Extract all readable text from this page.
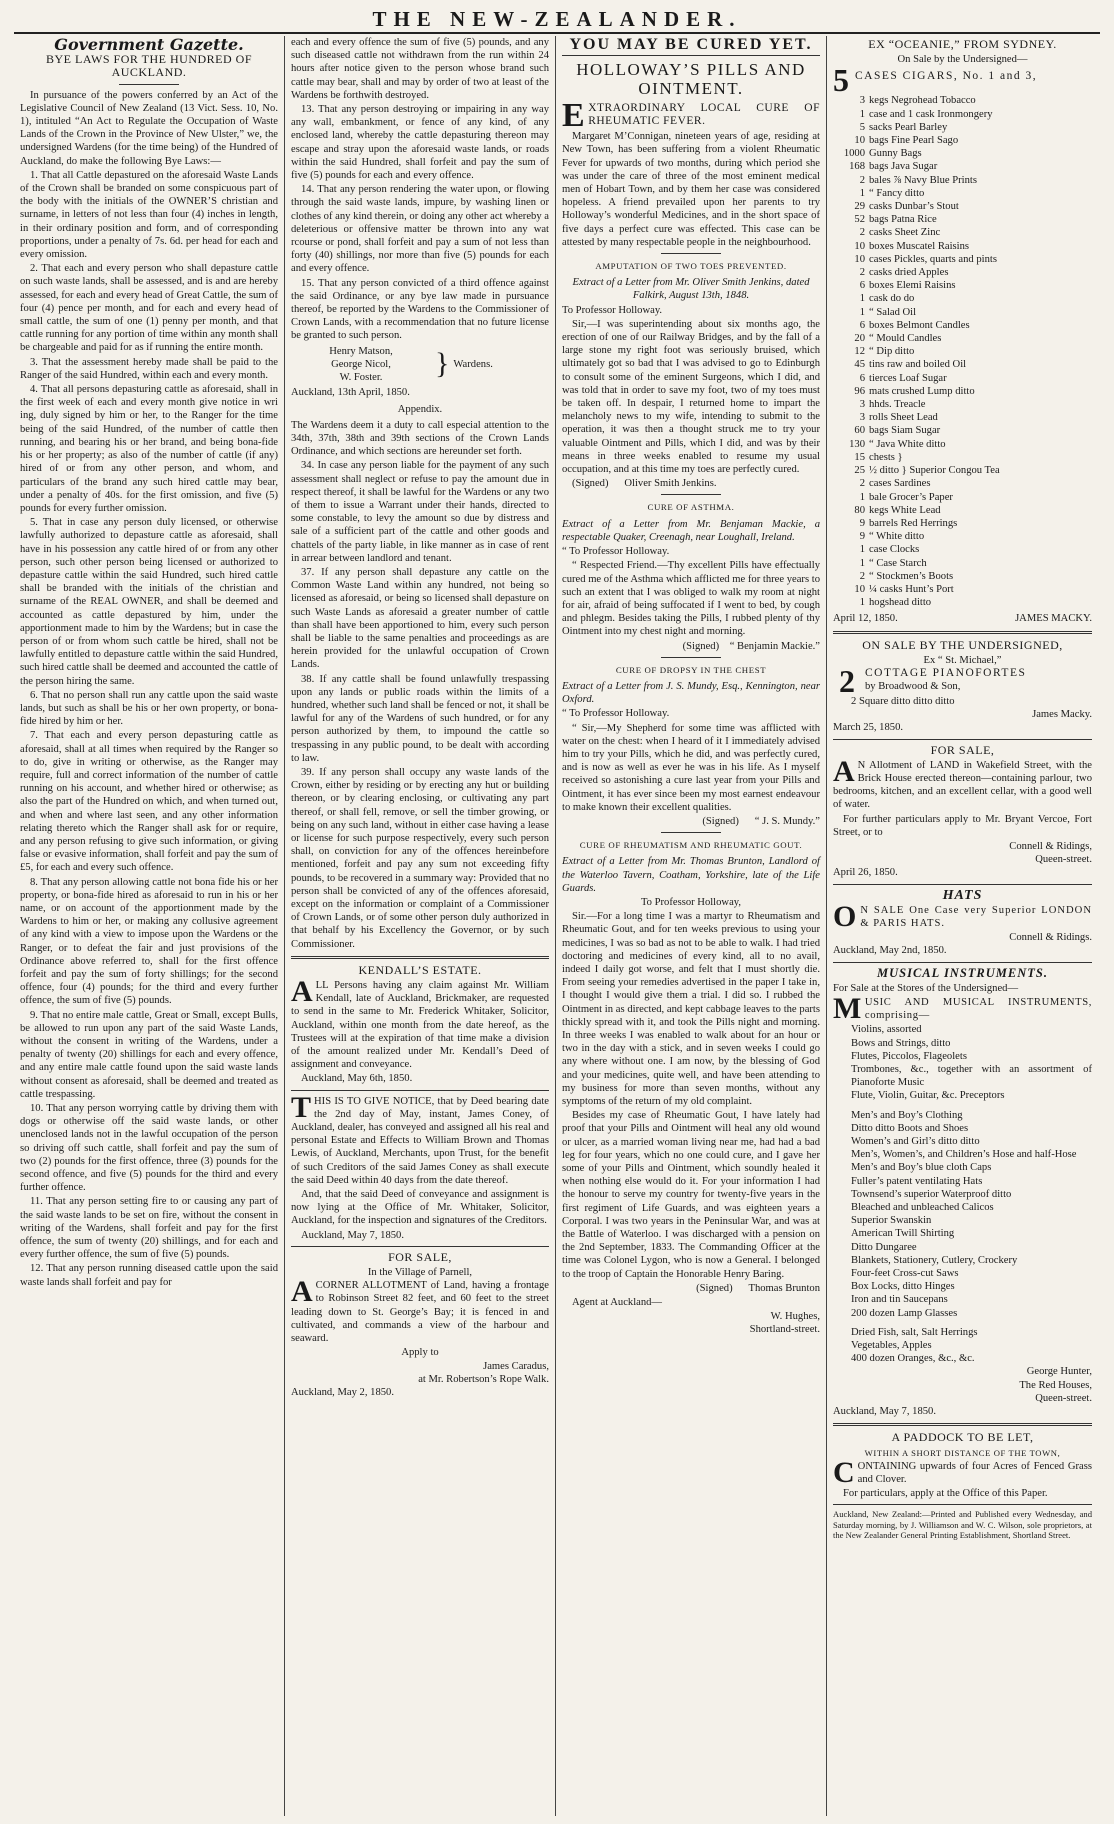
THE NEW-ZEALANDER.
Government Gazette.
BYE LAWS FOR THE HUNDRED OF AUCKLAND.

In pursuance of the powers conferred by an Act of the Legislative Council of New Zealand (13 Vict. Sess. 10, No. 1), intituled “An Act to Regulate the Occupation of Waste Lands of the Crown in the Province of New Ulster,” we, the undersigned Wardens (for the time being) of the Hundred of Auckland, do make the following Bye Laws:—

1. That all Cattle depastured on the aforesaid Waste Lands of the Crown shall be branded on some conspicuous part of the body with the initials of the OWNER’S christian and surname, in letters of not less than four (4) inches in length, in their ordinary position and form, and of corresponding proportions, under a penalty of 7s. 6d. per head for each and every omission.

2. That each and every person who shall depasture cattle on such waste lands, shall be assessed, and is and are hereby assessed, for each and every head of Great Cattle, the sum of four (4) pence per month, and for each and every head of small cattle, the sum of one (1) penny per month, and that cattle running for any portion of time within any month shall be chargeable and paid for as if running the entire month.

3. That the assessment hereby made shall be paid to the Ranger of the said Hundred, within each and every month.

4. That all persons depasturing cattle as aforesaid, shall in the first week of each and every month give notice in wri ing, duly signed by him or her, to the Ranger for the time being of the said Hundred, of the number of cattle then running, and bearing his or her brand, and being bona-fide his or her property; as also of the number of cattle (if any) hired of or from any other person, and whom, and particulars of the brand any such hired cattle may bear, under a penalty of 40s. for the first omission, and five (5) pounds for every further omission.

5. That in case any person duly licensed, or otherwise lawfully authorized to depasture cattle as aforesaid, shall have in his possession any cattle hired of or from any other person, such other person being licensed or authorized to depasture cattle within the said Hundred, such hired cattle shall be branded with the initials of the christian and surname of the REAL OWNER, and shall be deemed and accounted as cattle depastured by him, under the apportionment made to him by the Wardens; but in case the person of or from whom such cattle be hired, shall not be lawfully entitled to depasture cattle within the said Hundred, such hired cattle shall be deemed and accounted the cattle of the person hiring the same.

6. That no person shall run any cattle upon the said waste lands, but such as shall be his or her own property, or bona-fide hired by him or her.

7. That each and every person depasturing cattle as aforesaid, shall at all times when required by the Ranger so to do, give in writing or otherwise, as the Ranger may require, full and correct information of the number of cattle running on his account, and whether hired or otherwise; as also the part of the Hundred on which, and when turned out, and when and where last seen, and any other information relating thereto which the Ranger shall ask for or require, and any person refusing to give such information, or giving false or evasive information, shall forfeit and pay the sum of £5, for each and every such offence.

8. That any person allowing cattle not bona fide his or her property, or bona-fide hired as aforesaid to run in his or her name, or on account of the apportionment made by the Wardens to him or her, or making any collusive agreement of any kind with a view to impose upon the Wardens or the Ranger, or to defeat the fair and just provisions of the Ordinance above referred to, shall for the first offence forfeit and pay the sum of forty shillings; for the second offence, four (4) pounds; for the third and every further offence, the sum of five (5) pounds.

9. That no entire male cattle, Great or Small, except Bulls, be allowed to run upon any part of the said Waste Lands, without the consent in writing of the Wardens, under a penalty of twenty (20) shillings for each and every offence, and any entire male cattle found upon the said waste lands without consent as aforesaid, shall be deemed and treated as cattle trespassing.

10. That any person worrying cattle by driving them with dogs or otherwise off the said waste lands, or other unenclosed lands not in the lawful occupation of the person so driving off such cattle, shall forfeit and pay the sum of two (2) pounds for the first offence, three (3) pounds for the second offence, and five (5) pounds for the third and every further offence.

11. That any person setting fire to or causing any part of the said waste lands to be set on fire, without the consent in writing of the Wardens, shall forfeit and pay for the first offence, the sum of twenty (20) shillings, and for each and every further offence, the sum of five (5) pounds.

12. That any person running diseased cattle upon the said waste lands shall forfeit and pay for

each and every offence the sum of five (5) pounds, and any such diseased cattle not withdrawn from the run within 24 hours after notice given to the person whose brand such cattle may bear, shall and may by order of two at least of the Wardens be forthwith destroyed.

13. That any person destroying or impairing in any way any wall, embankment, or fence of any kind, of any enclosed land, whereby the cattle depasturing thereon may escape and stray upon the aforesaid waste lands, or roads within the said Hundred, shall forfeit and pay the sum of five (5) pounds for each and every offence.

14. That any person rendering the water upon, or flowing through the said waste lands, impure, by washing linen or clothes of any kind therein, or doing any other act whereby a deleterious or offensive matter be thrown into any wat rcourse or pond, shall forfeit and pay a sum of not less than forty (40) shillings, nor more than five (5) pounds for each and every offence.

15. That any person convicted of a third offence against the said Ordinance, or any bye law made in pursuance thereof, be reported by the Wardens to the Commissioner of Crown Lands, with a recommendation that no future license be granted to such person.

Henry Matson,
George Nicol,
W. Foster.	} Wardens.

Auckland, 13th April, 1850.

Appendix.

The Wardens deem it a duty to call especial attention to the 34th, 37th, 38th and 39th sections of the Crown Lands Ordinance, and which sections are hereunder set forth.

34. In case any person liable for the payment of any such assessment shall neglect or refuse to pay the amount due in respect thereof, it shall be lawful for the Wardens or any two of them to issue a Warrant under their hands, directed to some constable, to levy the amount so due by distress and sale of a sufficient part of the cattle and other goods and chattels of the party liable, in like manner as in case of rent in arrear between landlord and tenant.

37. If any person shall depasture any cattle on the Common Waste Land within any hundred, not being so licensed as aforesaid, or being so licensed shall depasture on such Waste Lands as aforesaid a greater number of cattle than shall have been apportioned to him, every such person shall be liable to the same penalties and proceedings as are herein provided for the unlawful occupation of Crown Lands.

38. If any cattle shall be found unlawfully trespassing upon any lands or public roads within the limits of a hundred, whether such land shall be fenced or not, it shall be lawful for any of the Wardens of such hundred, or for any person authorized by them, to impound the cattle so trespassing in any public pound, to be dealt with according to law.

39. If any person shall occupy any waste lands of the Crown, either by residing or by erecting any hut or building thereon, or by clearing enclosing, or cultivating any part thereof, or shall fell, remove, or sell the timber growing, or being on any such land, without in either case having a lease or license for such purpose respectively, every such person shall, on conviction for any of the offences hereinbefore mentioned, forfeit and pay any sum not exceeding fifty pounds, to be recovered in a summary way: Provided that no person shall be convicted of any of the offences aforesaid, except on the information or complaint of a Commissioner of Crown Lands, or of some other person duly authorized in that behalf by his Excellency the Governor, or by such Commissioner.

KENDALL’S ESTATE.

ALL Persons having any claim against Mr. William Kendall, late of Auckland, Brickmaker, are requested to send in the same to Mr. Frederick Whitaker, Solicitor, Auckland, within one month from the date hereof, as the Trustees will at the expiration of that time make a division of the amount realized under Mr. Kendall’s Deed of assignment and conveyance.

Auckland, May 6th, 1850.

THIS IS TO GIVE NOTICE, that by Deed bearing date the 2nd day of May, instant, James Coney, of Auckland, dealer, has conveyed and assigned all his real and personal Estate and Effects to William Brown and Thomas Lewis, of Auckland, Merchants, upon Trust, for the benefit of such Creditors of the said James Coney as shall execute the said Deed within 40 days from the date thereof.

And, that the said Deed of conveyance and assignment is now lying at the Office of Mr. Whitaker, Solicitor, Auckland, for the inspection and signatures of the Creditors.

Auckland, May 7, 1850.

FOR SALE,
In the Village of Parnell,

ACORNER ALLOTMENT of Land, having a frontage to Robinson Street 82 feet, and 60 feet to the street leading down to St. George’s Bay; it is fenced in and cultivated, and commands a view of the harbour and seaward.

Apply to
James Caradus,
at Mr. Robertson’s Rope Walk.

Auckland, May 2, 1850.

YOU MAY BE CURED YET.
HOLLOWAY’S PILLS AND OINTMENT.

EXTRAORDINARY LOCAL CURE OF RHEUMATIC FEVER.

Margaret M’Connigan, nineteen years of age, residing at New Town, has been suffering from a violent Rheumatic Fever for upwards of two months, during which period she was under the care of three of the most eminent medical men of Hobart Town, and by them her case was considered hopeless. A friend prevailed upon her parents to try Holloway’s wonderful Medicines, and in the short space of five days a perfect cure was effected. This case can be attested by many respectable people in the neighbourhood.

AMPUTATION OF TWO TOES PREVENTED.

Extract of a Letter from Mr. Oliver Smith Jenkins, dated Falkirk, August 13th, 1848.

To Professor Holloway.

Sir,—I was superintending about six months ago, the erection of one of our Railway Bridges, and by the fall of a large stone my right foot was seriously bruised, which ultimately got so bad that I was advised to go to Edinburgh to consult some of the eminent Surgeons, which I did, and was told that in order to save my foot, two of my toes must be taken off. In despair, I returned home to impart the melancholy news to my wife, intending to submit to the operation, it was then a thought struck me to try your valuable Ointment and Pills, which I did, and was by their means in three weeks enabled to resume my usual occupation, and at this time my toes are perfectly cured.

(Signed) Oliver Smith Jenkins.

CURE OF ASTHMA.

Extract of a Letter from Mr. Benjaman Mackie, a respectable Quaker, Creenagh, near Loughall, Ireland.

“ To Professor Holloway.

“ Respected Friend.—Thy excellent Pills have effectually cured me of the Asthma which afflicted me for three years to such an extent that I was obliged to walk my room at night for air, afraid of being suffocated if I went to bed, by cough and phlegm. Besides taking the Pills, I rubbed plenty of thy Ointment into my chest night and morning.

(Signed) “ Benjamin Mackie.”

CURE OF DROPSY IN THE CHEST

Extract of a Letter from J. S. Mundy, Esq., Kennington, near Oxford.

“ To Professor Holloway.

“ Sir,—My Shepherd for some time was afflicted with water on the chest: when I heard of it I immediately advised him to try your Pills, which he did, and was perfectly cured, and is now as well as ever he was in his life. As I myself received so astonishing a cure last year from your Pills and Ointment, it has ever since been my most earnest endeavour to make known their excellent qualities.

(Signed) “ J. S. Mundy.”

CURE OF RHEUMATISM AND RHEUMATIC GOUT.

Extract of a Letter from Mr. Thomas Brunton, Landlord of the Waterloo Tavern, Coatham, Yorkshire, late of the Life Guards.

To Professor Holloway,

Sir.—For a long time I was a martyr to Rheumatism and Rheumatic Gout, and for ten weeks previous to using your medicines, I was so bad as not to be able to walk. I had tried doctoring and medicines of every kind, all to no avail, indeed I daily got worse, and felt that I must shortly die. From seeing your remedies advertised in the paper I take in, I thought I would give them a trial. I did so. I rubbed the Ointment in as directed, and kept cabbage leaves to the parts thickly spread with it, and took the Pills night and morning. In three weeks I was enabled to walk about for an hour or two in the day with a stick, and in seven weeks I could go any where without one. I am now, by the blessing of God and your medicines, quite well, and have been attending to my business for more than seven months, without any symptoms of the return of my old complaint.

Besides my case of Rheumatic Gout, I have lately had proof that your Pills and Ointment will heal any old wound or ulcer, as a married woman living near me, had had a bad leg for four years, which no one could cure, and I gave her some of your Pills and Ointment, which soundly healed it when nothing else would do it. For your information I had the honour to serve my country for twenty-five years in the first regiment of Life Guards, and was eighteen years a Corporal. I was two years in the Peninsular War, and was at the Battle of Waterloo. I was discharged with a pension on the 2nd September, 1833. The Commanding Officer at the time was Colonel Lygon, who is now a General. I belonged to the troop of Captain the Honorable Henry Baring.

(Signed) Thomas Brunton

Agent at Auckland—

W. Hughes,
Shortland-street.
EX “OCEANIE,” FROM SYDNEY.
On Sale by the Undersigned—
5 CASES CIGARS, No. 1 and 3,
3 kegs Negrohead Tobacco
1 case and 1 cask Ironmongery
5 sacks Pearl Barley
10 bags Fine Pearl Sago
1000 Gunny Bags
168 bags Java Sugar
2 bales ⅞ Navy Blue Prints
1 “ Fancy ditto
29 casks Dunbar’s Stout
52 bags Patna Rice
2 casks Sheet Zinc
10 boxes Muscatel Raisins
10 cases Pickles, quarts and pints
2 casks dried Apples
6 boxes Elemi Raisins
1 cask do do
1 “ Salad Oil
6 boxes Belmont Candles
20 “ Mould Candles
12 “ Dip ditto
45 tins raw and boiled Oil
6 tierces Loaf Sugar
96 mats crushed Lump ditto
3 hhds. Treacle
3 rolls Sheet Lead
60 bags Siam Sugar
130 “ Java White ditto
15 chests }
25 ½ ditto } Superior Congou Tea
2 cases Sardines
1 bale Grocer’s Paper
80 kegs White Lead
9 barrels Red Herrings
9 “ White ditto
1 case Clocks
1 “ Case Starch
2 “ Stockmen’s Boots
10 ¼ casks Hunt’s Port
1 hogshead ditto
April 12, 1850.	JAMES MACKY.
ON SALE BY THE UNDERSIGNED,
Ex “ St. Michael,”
2 COTTAGE PIANOFORTES
by Broadwood & Son,
2 Square ditto ditto ditto
James Macky.
March 25, 1850.
FOR SALE,

A N Allotment of LAND in Wakefield Street, with the Brick House erected thereon—containing parlour, two bedrooms, kitchen, and an excellent cellar, with a good well of water.

For further particulars apply to Mr. Bryant Vercoe, Fort Street, or to

Connell & Ridings,
Queen-street.
April 26, 1850.
HATS

O N SALE One Case very Superior LONDON & PARIS HATS.

Connell & Ridings.
Auckland, May 2nd, 1850.
MUSICAL INSTRUMENTS.

For Sale at the Stores of the Undersigned—

MUSIC AND MUSICAL INSTRUMENTS, comprising—

Violins, assorted
Bows and Strings, ditto
Flutes, Piccolos, Flageolets
Trombones, &c., together with an assortment of Pianoforte Music
Flute, Violin, Guitar, &c. Preceptors
Men’s and Boy’s Clothing
Ditto ditto Boots and Shoes
Women’s and Girl’s ditto ditto
Men’s, Women’s, and Children’s Hose and half-Hose
Men’s and Boy’s blue cloth Caps
Fuller’s patent ventilating Hats
Townsend’s superior Waterproof ditto
Bleached and unbleached Calicos
Superior Swanskin
American Twill Shirting
Ditto Dungaree
Blankets, Stationery, Cutlery, Crockery
Four-feet Cross-cut Saws
Box Locks, ditto Hinges
Iron and tin Saucepans
200 dozen Lamp Glasses
Dried Fish, salt, Salt Herrings
Vegetables, Apples
400 dozen Oranges, &c., &c.
George Hunter,
The Red Houses,
Queen-street.
Auckland, May 7, 1850.
A PADDOCK TO BE LET,
WITHIN A SHORT DISTANCE OF THE TOWN,

CONTAINING upwards of four Acres of Fenced Grass and Clover.

For particulars, apply at the Office of this Paper.

Auckland, New Zealand:—Printed and Published every Wednesday, and Saturday morning, by J. Williamson and W. C. Wilson, sole proprietors, at the New Zealander General Printing Establishment, Shortland Street.
